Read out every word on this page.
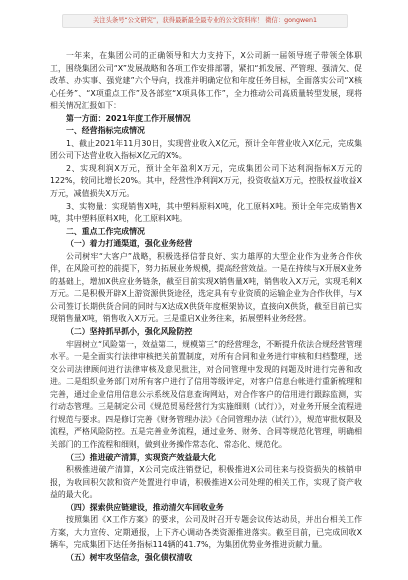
关注头条号“公文研究”，获得最新最全最专业的公文资料库！ 微信：gongwen1

一年来，在集团公司的正确领导和大力支持下，X公司新一届领导班子带领全体职工，围绕集团公司“X”发展战略和各项工作安排部署，紧扣“抓发展、严管理、强清欠、促改革、办实事、强党建”六个导向，找准并明确定位和年度任务目标，全面落实公司“X核心任务”、“X项重点工作”及各部室“X项具体工作”，全力推动公司高质量转型发展，现将相关情况汇报如下：

第一方面：2021年度工作开展情况

一、经营指标完成情况

1、截止2021年11月30日，实现营业收入X亿元，预计全年营业收入X亿元，完成集团公司下达营业收入指标X亿元的X%。

2、实现利润X万元，预计全年盈利X万元，完成集团公司下达利润指标X万元的122%，较同比增长20%。其中，经营性净利润X万元，投资收益X万元，控股权益收益X万元，减值损失X万元。

3、实物量：实现销售X吨，其中塑料原料X吨，化工原料X吨。预计全年完成销售X吨，其中塑料原料X吨，化工原料X吨。

二、重点工作完成情况

（一）着力打通渠道，强化业务经营

公司树牢“大客户”战略，积极选择信誉良好、实力雄厚的大型企业作为业务合作伙伴，在风险可控的前提下，努力拓展业务规模，提高经营效益。一是在持续与X开展X业务的基础上，增加X供应业务链条，截至目前实现X销售量X吨，销售收入X万元，实现毛利X万元。二是积极开辟X上游资源供货途径，选定具有专业资质的运输企业为合作伙伴，与X公司签订长期供货合同的同时与X达成X供货年度框架协议，直接向X供货，截至目前已实现销售量X吨，销售收入X万元。三是重启X业务往来，拓展塑料业务经营。

（二）坚持抓早抓小，强化风险防控

牢固树立“风险第一，效益第二，规模第三”的经营理念，不断提升依法合规经营管理水平。一是全面实行法律审核把关前置制度，对所有合同和业务进行审核和归档整理，送交公司法律顾问进行法律审核及意见批注，对合同管理中发现的问题及时进行完善和改进。二是组织业务部门对所有客户进行了信用等级评定，对客户信息台帐进行重新梳理和完善，通过企业信用信息公示系统及信息查询网站，对合作客户的信用进行跟踪监测，实行动态管理。三是制定公司《规范贸易经营行为实施细则（试行）》，对业务开展全流程进行规范与要求。四是修订完善《财务管理办法》《合同管理办法（试行）》，规范审批权限及流程，严格风险防控。五是完善业务流程，通过业务、财务、合同等规范化管理，明确相关部门的工作流程和细则，做到业务操作常态化、常态化、规范化。

（三）推进破产清算，实现资产效益最大化

积极推进破产清算，X公司完成注销登记，积极推进X公司往来与投资损失的核销申报，为收回积欠款和资产处置进行申请，积极推进X公司处理的相关工作，实现了资产收益的最大化。

（四）探索供应链建设，推动清欠车回收业务

按照集团《X工作方案》的要求，公司及时召开专题会议传达动员，并出台相关工作方案，大力宣传、定期通报，上下齐心调动各类资源推进落实。截至目前，已完成回收X辆车，完成集团下达任务指标114辆的41.7%，为集团优势业务推进贡献力量。

（五）树牢攻坚信念，强化债权清收
